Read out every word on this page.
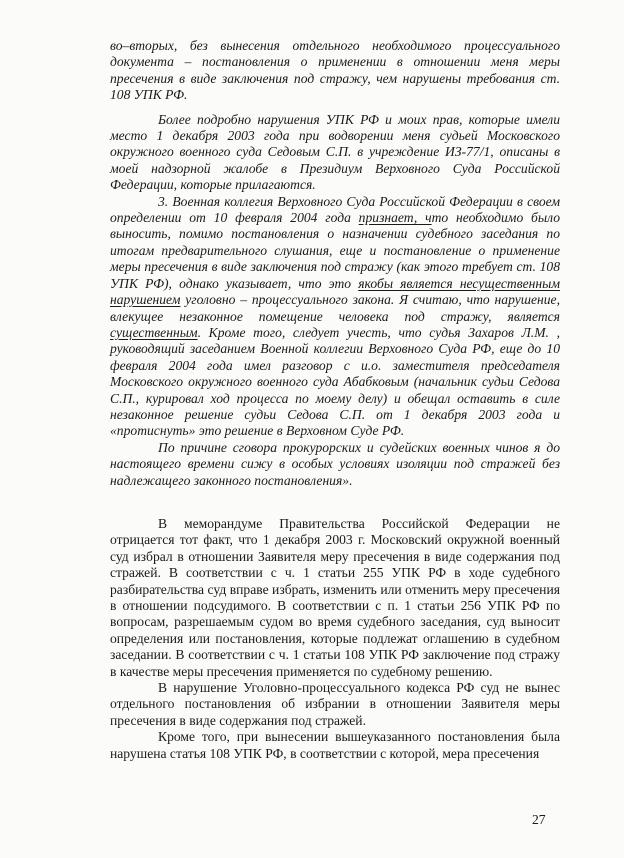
во–вторых, без вынесения отдельного необходимого процессуального документа – постановления о применении в отношении меня меры пресечения в виде заключения под стражу, чем нарушены требования ст. 108 УПК РФ.

Более подробно нарушения УПК РФ и моих прав, которые имели место 1 декабря 2003 года при водворении меня судьей Московского окружного военного суда Седовым С.П. в учреждение ИЗ-77/1, описаны в моей надзорной жалобе в Президиум Верховного Суда Российской Федерации, которые прилагаются.

3. Военная коллегия Верховного Суда Российской Федерации в своем определении от 10 февраля 2004 года признает, что необходимо было выносить, помимо постановления о назначении судебного заседания по итогам предварительного слушания, еще и постановление о применение меры пресечения в виде заключения под стражу (как этого требует ст. 108 УПК РФ), однако указывает, что это якобы является несущественным нарушением уголовно – процессуального закона. Я считаю, что нарушение, влекущее незаконное помещение человека под стражу, является существенным. Кроме того, следует учесть, что судья Захаров Л.М. , руководящий заседанием Военной коллегии Верховного Суда РФ, еще до 10 февраля 2004 года имел разговор с и.о. заместителя председателя Московского окружного военного суда Абабковым (начальник судьи Седова С.П., курировал ход процесса по моему делу) и обещал оставить в силе незаконное решение судьи Седова С.П. от 1 декабря 2003 года и «протиснуть» это решение в Верховном Суде РФ.

По причине сговора прокурорских и судейских военных чинов я до настоящего времени сижу в особых условиях изоляции под стражей без надлежащего законного постановления».

В меморандуме Правительства Российской Федерации не отрицается тот факт, что 1 декабря 2003 г. Московский окружной военный суд избрал в отношении Заявителя меру пресечения в виде содержания под стражей. В соответствии с ч. 1 статьи 255 УПК РФ в ходе судебного разбирательства суд вправе избрать, изменить или отменить меру пресечения в отношении подсудимого. В соответствии с п. 1 статьи 256 УПК РФ по вопросам, разрешаемым судом во время судебного заседания, суд выносит определения или постановления, которые подлежат оглашению в судебном заседании. В соответствии с ч. 1 статьи 108 УПК РФ заключение под стражу в качестве меры пресечения применяется по судебному решению.

В нарушение Уголовно-процессуального кодекса РФ суд не вынес отдельного постановления об избрании в отношении Заявителя меры пресечения в виде содержания под стражей.

Кроме того, при вынесении вышеуказанного постановления была нарушена статья 108 УПК РФ, в соответствии с которой, мера пресечения

27
